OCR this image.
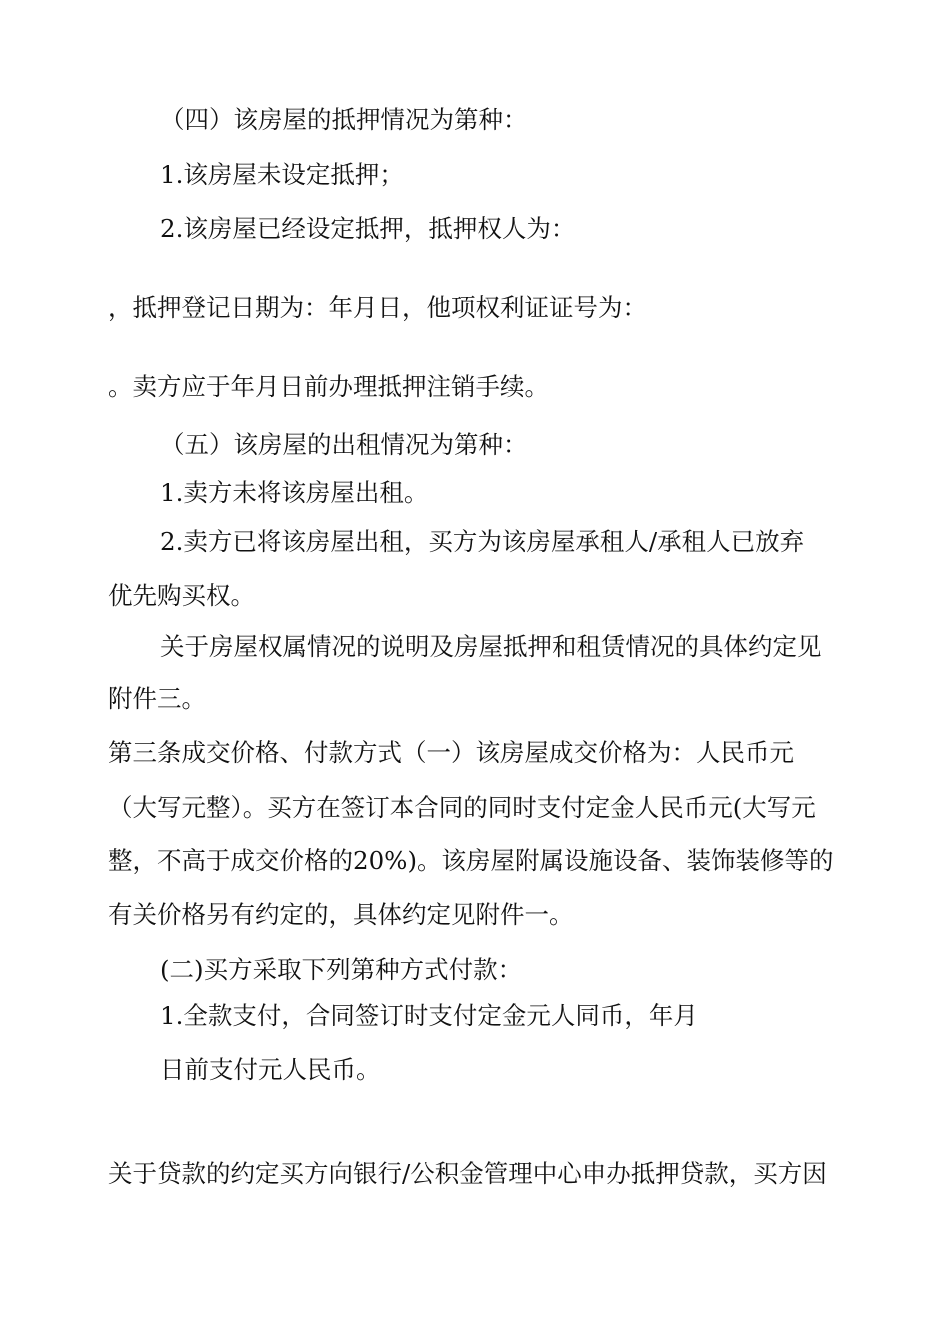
（四）该房屋的抵押情况为第种：
1.该房屋未设定抵押；
2.该房屋已经设定抵押，抵押权人为：
，抵押登记日期为：年月日，他项权利证证号为：
。卖方应于年月日前办理抵押注销手续。
（五）该房屋的出租情况为第种：
1.卖方未将该房屋出租。
2.卖方已将该房屋出租，买方为该房屋承租人/承租人已放弃
优先购买权。
关于房屋权属情况的说明及房屋抵押和租赁情况的具体约定见
附件三。
第三条成交价格、付款方式（一）该房屋成交价格为：人民币元
（大写元整）。买方在签订本合同的同时支付定金人民币元(大写元
整，不高于成交价格的20%)。该房屋附属设施设备、装饰装修等的
有关价格另有约定的，具体约定见附件一。
(二)买方采取下列第种方式付款：
1.全款支付，合同签订时支付定金元人同币，年月
日前支付元人民币。
关于贷款的约定买方向银行/公积金管理中心申办抵押贷款，买方因
